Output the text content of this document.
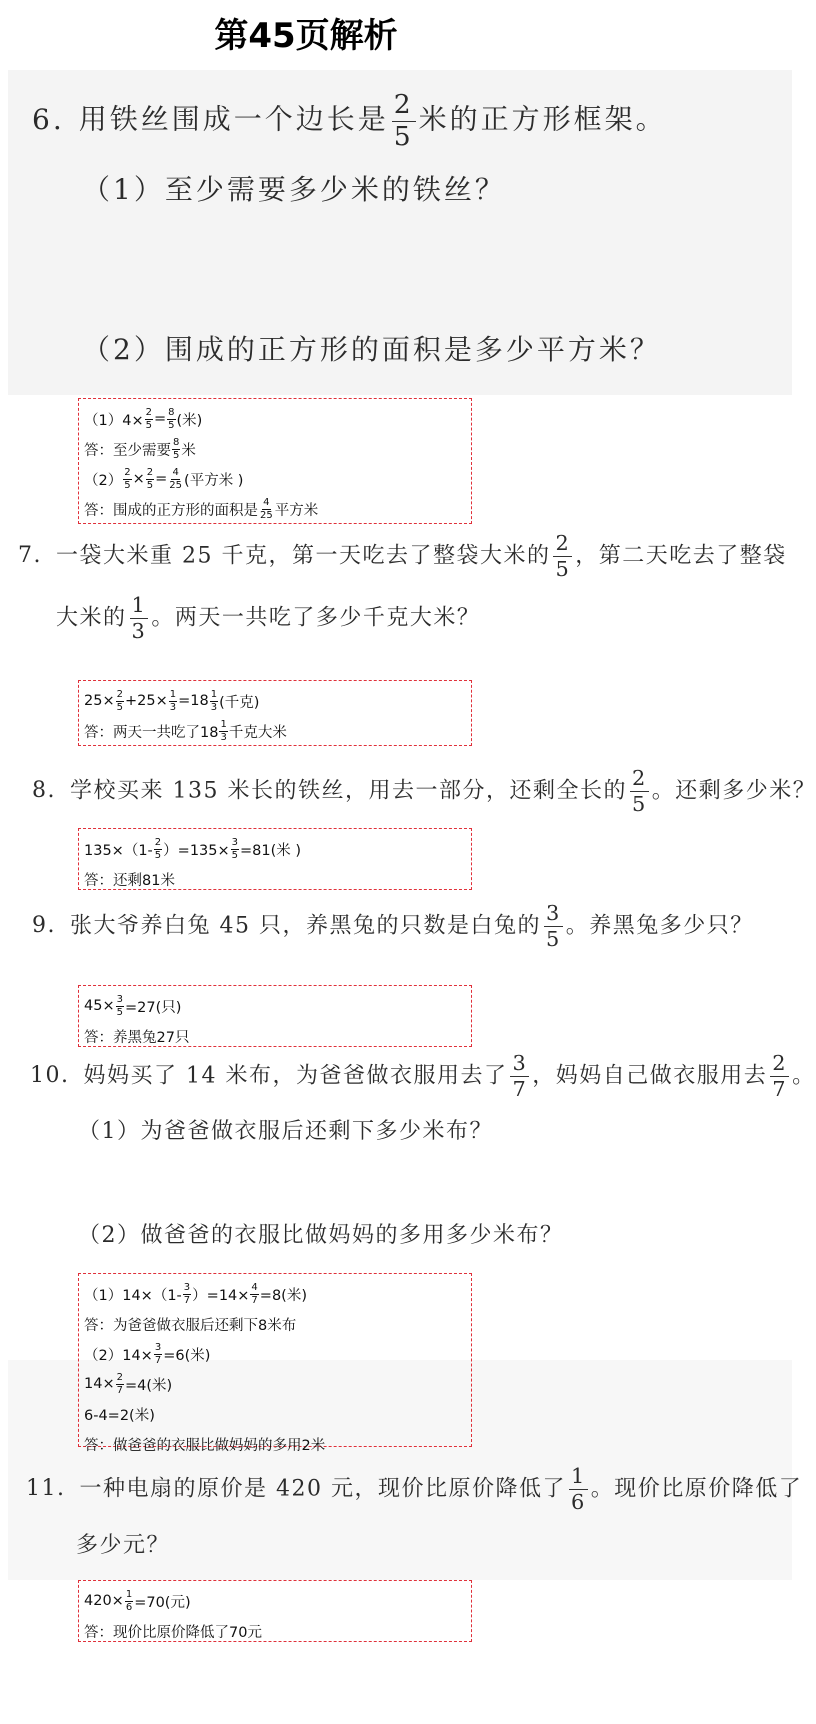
第45页解析
6. 用铁丝围成一个边长是 $\frac{2}{5}$ 米的正方形框架。
（1）至少需要多少米的铁丝？
（2）围成的正方形的面积是多少平方米？
$(1)4\times \frac{2}{5} = \frac{8}{5}$ (米)
答：至少需要 $\frac{8}{5}$ 米
$(2) \frac{2}{5} \times \frac{2}{5} = \frac{4}{25}$ (平方米 )
答：围成的正方形的面积是 $\frac{4}{25}$ 平方米
7. 一袋大米重 25 千克，第一天吃去了整袋大米的 $\frac{2}{5}$ ，第二天吃去了整袋
大米的 $\frac{1}{3}$ 。两天一共吃了多少千克大米？
$25\times \frac{2}{5} +25\times \frac{1}{3} =18 \frac{1}{3}$ (千克)
答：两天一共吃了$18 \frac{1}{3}$ 千克大米
8. 学校买来 135 米长的铁丝，用去一部分，还剩全长的 $\frac{2}{5}$ 。还剩多少米？
$135\times(1- \frac{2}{5} )=135\times \frac{3}{5} =81$(米 )
答：还剩81米
9. 张大爷养白兔 45 只，养黑兔的只数是白兔的 $\frac{3}{5}$ 。养黑兔多少只？
$45\times \frac{3}{5} =27$(只)
答：养黑兔27只
10. 妈妈买了 14 米布，为爸爸做衣服用去了 $\frac{3}{7}$ ，妈妈自己做衣服用去 $\frac{2}{7}$ 。
（1）为爸爸做衣服后还剩下多少米布？
（2）做爸爸的衣服比做妈妈的多用多少米布？
$(1)14\times(1- \frac{3}{7} )=14\times \frac{4}{7} =8$(米)
答：为爸爸做衣服后还剩下8米布
$(2)14\times \frac{3}{7} =6$(米)
$14\times \frac{2}{7} =4$(米)
6-4=2(米)
答：做爸爸的衣服比做妈妈的多用2米
11. 一种电扇的原价是 420 元，现价比原价降低了 $\frac{1}{6}$ 。现价比原价降低了
多少元？
$420\times \frac{1}{6} =70$(元)
答：现价比原价降低了70元
